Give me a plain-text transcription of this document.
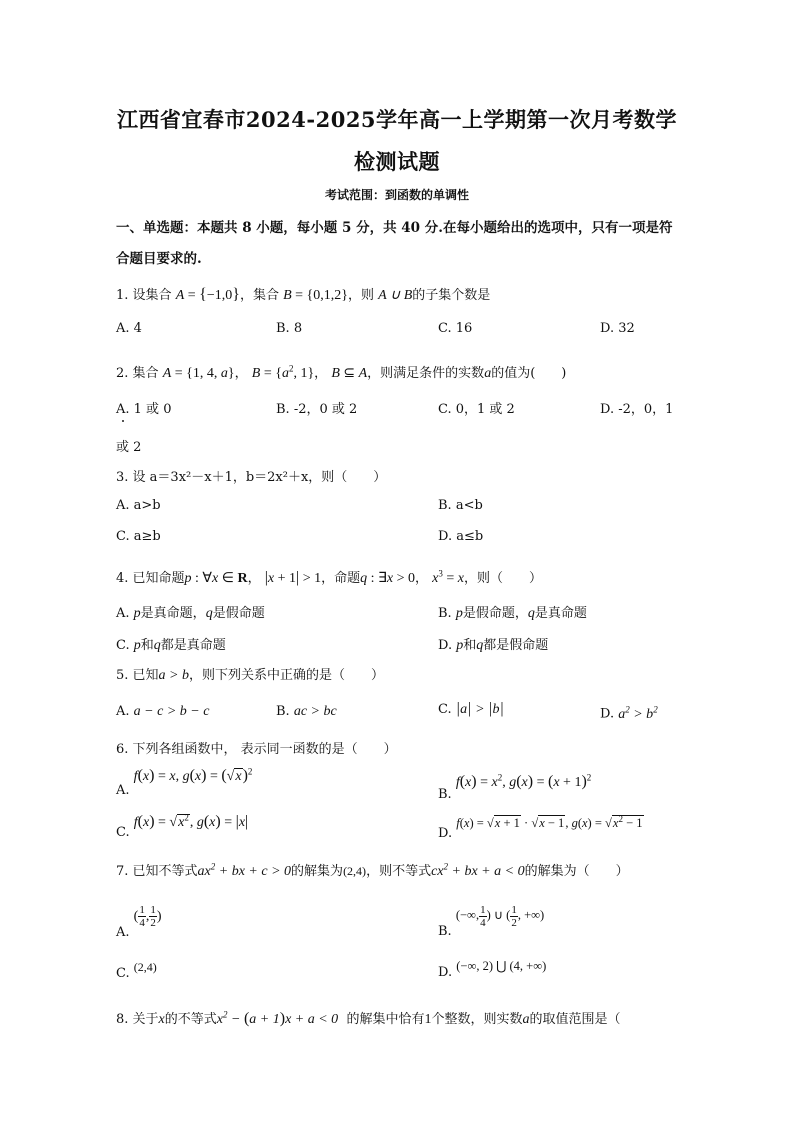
江西省宜春市2024-2025学年高一上学期第一次月考数学
检测试题
考试范围：到函数的单调性
一、单选题：本题共 8 小题，每小题 5 分，共 40 分.在每小题给出的选项中，只有一项是符
合题目要求的.
1. 设集合 A = {−1,0}，集合 B = {0,1,2}，则 A ∪ B的子集个数是
A. 4	B. 8	C. 16	D. 32
2. 集合 A = {1, 4, a}， $B = \{a^2$, 1}， B ⊆ A，则满足条件的实数a的值为(　　)
A. 1 或 0	B. -2，0 或 2	C. 0，1 或 2	D. -2，0，1
或 2
3. 设 a＝3x²－x＋1，b＝2x²＋x，则（　　）
A. a>b	B. a<b
C. a≥b	D. a≤b
4. 已知命题p : ∀x ∈ R， |x + 1| > 1，命题q : ∃x > 0， $x^3 = x$，则（　　）
A. p是真命题，q是假命题	B. p是假命题，q是真命题
C. p和q都是真命题	D. p和q都是假命题
5. 已知a > b，则下列关系中正确的是（　　）
A. a − c > b − c	B. ac > bc	C. |a| > |b|	D. $a^2 > b^2$
6. 下列各组函数中， 表示同一函数的是（　　）
A. f(x) = x, $g(x) = (√x)^2$
B. $f(x) = x^2$, $g(x) = (x + 1)^2$
C. $f(x) = √x^2$, g(x) = |x|
D. f(x) = √x + 1 · √x − 1, $g(x) = √x^2 - 1$
7. 已知不等式$ax^2$ + bx + c > 0的解集为(2,4)，则不等式$cx^2$ + bx + a < 0的解集为（　　）
A. ( $\frac{1}{4}$ , $\frac{1}{2}$ )
B. (−∞, $\frac{1}{4}$ ) ∪ ( $\frac{1}{2}$ , +∞)
C. (2,4)	D. (−∞, 2) ⋃ (4, +∞)
8. 关于x的不等式$x^2 - (a + 1)x + a < 0$ 的解集中恰有1个整数，则实数a的取值范围是（
